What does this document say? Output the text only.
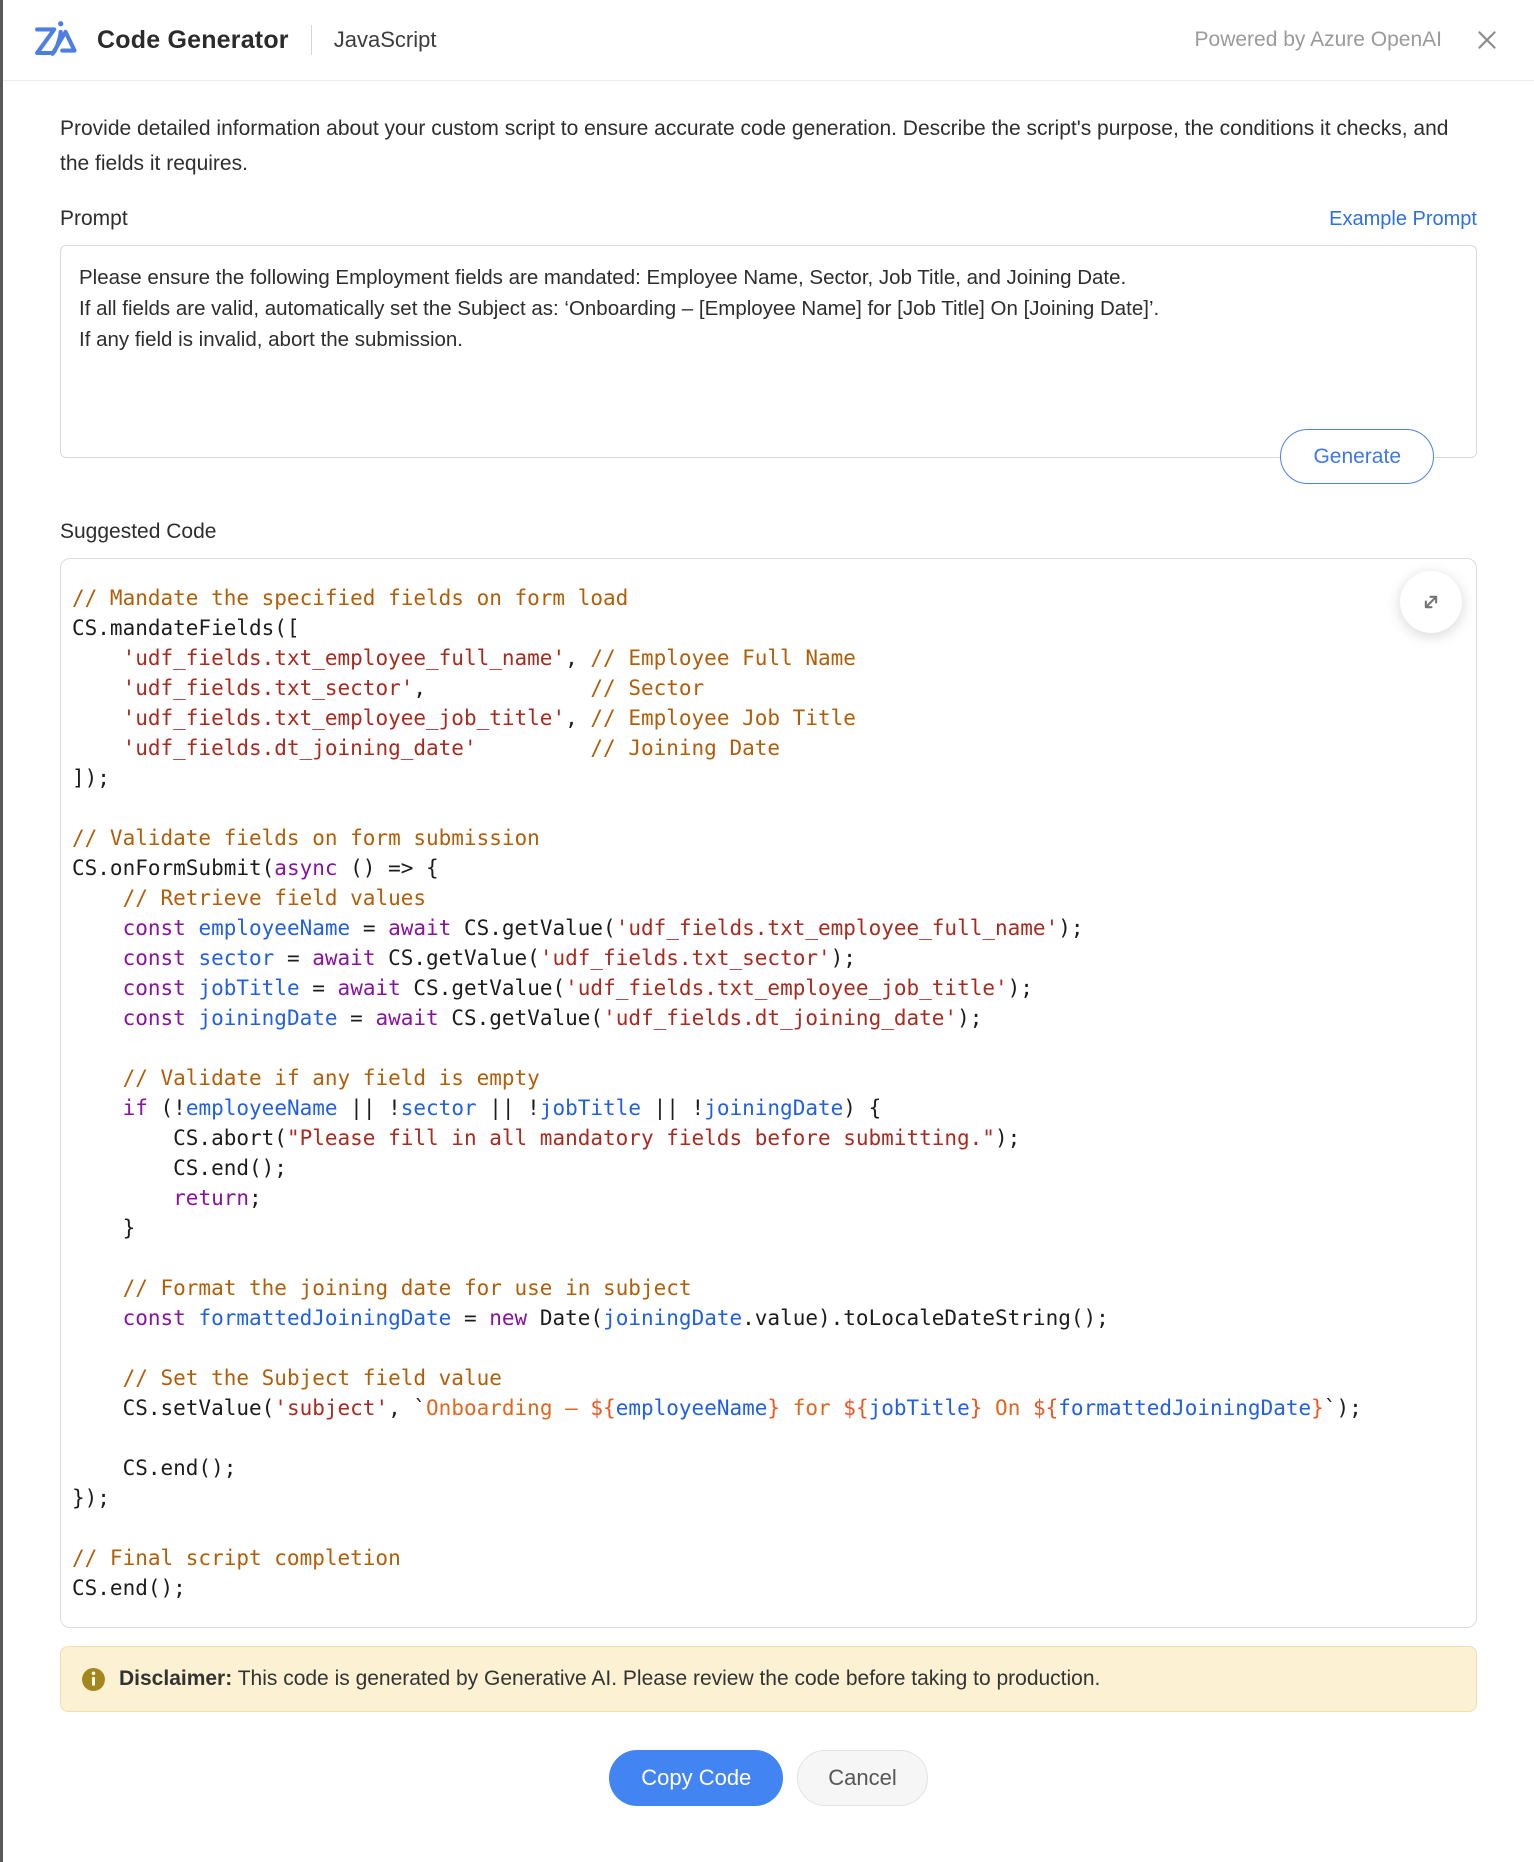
Code Generator JavaScript	Powered by Azure OpenAI

Provide detailed information about your custom script to ensure accurate code generation. Describe the script's purpose, the conditions it checks, and the fields it requires.

Prompt	Example Prompt
Please ensure the following Employment fields are mandated: Employee Name, Sector, Job Title, and Joining Date. If all fields are valid, automatically set the Subject as: ‘Onboarding – [Employee Name] for [Job Title] On [Joining Date]’. If any field is invalid, abort the submission.
Generate
Suggested Code
// Mandate the specified fields on form load
CS.mandateFields([
'udf_fields.txt_employee_full_name', // Employee Full Name
'udf_fields.txt_sector',             // Sector
'udf_fields.txt_employee_job_title', // Employee Job Title
'udf_fields.dt_joining_date'	// Joining Date
]);
// Validate fields on form submission
CS.onFormSubmit(async () => {
// Retrieve field values
const employeeName = await CS.getValue('udf_fields.txt_employee_full_name');
const sector = await CS.getValue('udf_fields.txt_sector');
const jobTitle = await CS.getValue('udf_fields.txt_employee_job_title');
const joiningDate = await CS.getValue('udf_fields.dt_joining_date');
// Validate if any field is empty
if (!employeeName || !sector || !jobTitle || !joiningDate) {
CS.abort("Please fill in all mandatory fields before submitting.");
CS.end();
return;
}
// Format the joining date for use in subject
const formattedJoiningDate = new Date(joiningDate.value).toLocaleDateString();
// Set the Subject field value
CS.setValue('subject', `Onboarding – ${employeeName} for ${jobTitle} On ${formattedJoiningDate}`);
CS.end();
});
// Final script completion
CS.end();

Disclaimer: This code is generated by Generative AI. Please review the code before taking to production.

Copy Code	Cancel
